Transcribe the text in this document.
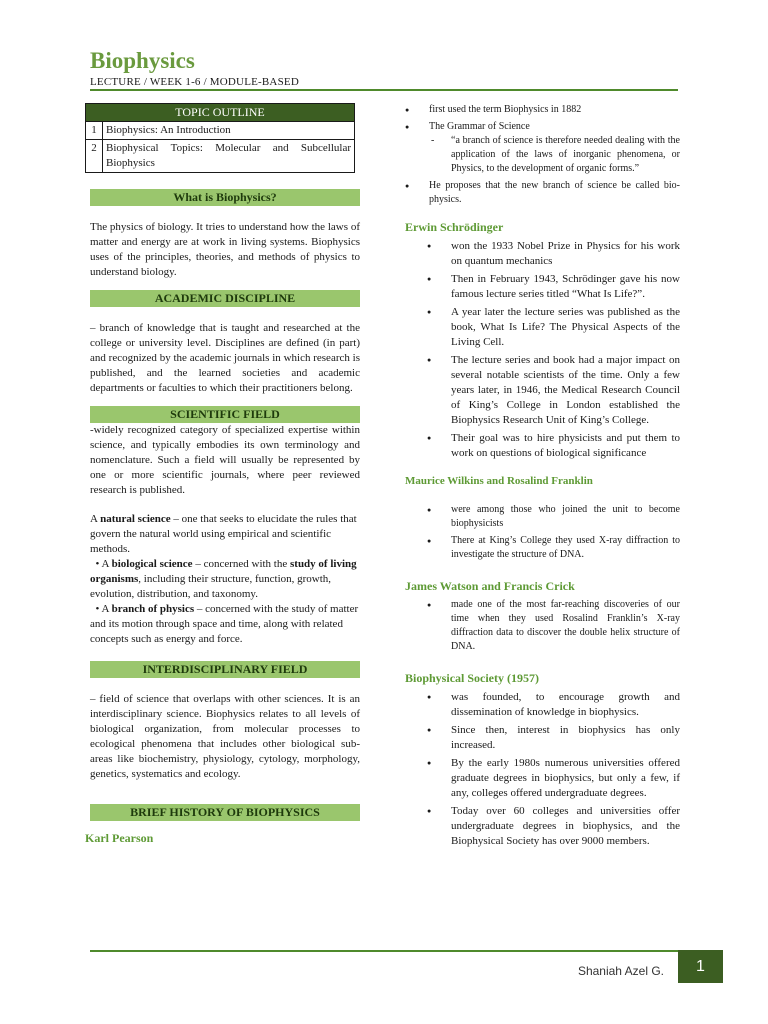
Biophysics
LECTURE / WEEK 1-6 / MODULE-BASED
TOPIC OUTLINE	
1	Biophysics: An Introduction
2	Biophysical Topics: Molecular and Subcellular Biophysics
What is Biophysics?

The physics of biology. It tries to understand how the laws of matter and energy are at work in living systems. Biophysics uses of the principles, theories, and methods of physics to understand biology.

ACADEMIC DISCIPLINE

– branch of knowledge that is taught and researched at the college or university level. Disciplines are defined (in part) and recognized by the academic journals in which research is published, and the learned societies and academic departments or faculties to which their practitioners belong.

SCIENTIFIC FIELD

-widely recognized category of specialized expertise within science, and typically embodies its own terminology and nomenclature. Such a field will usually be represented by one or more scientific journals, where peer reviewed research is published.

A natural science – one that seeks to elucidate the rules that govern the natural world using empirical and scientific methods.

• A biological science – concerned with the study of living organisms, including their structure, function, growth, evolution, distribution, and taxonomy.

• A branch of physics – concerned with the study of matter and its motion through space and time, along with related concepts such as energy and force.

INTERDISCIPLINARY FIELD

– field of science that overlaps with other sciences. It is an interdisciplinary science. Biophysics relates to all levels of biological organization, from molecular processes to ecological phenomena that includes other biological sub-areas like biochemistry, physiology, cytology, morphology, genetics, systematics and ecology.

BRIEF HISTORY OF BIOPHYSICS
Karl Pearson
● first used the term Biophysics in 1882
● The Grammar of Science
- “a branch of science is therefore needed dealing with the application of the laws of inorganic phenomena, or Physics, to the development of organic forms.”
● He proposes that the new branch of science be called bio-physics.
Erwin Schrödinger
● won the 1933 Nobel Prize in Physics for his work on quantum mechanics
● Then in February 1943, Schrödinger gave his now famous lecture series titled “What Is Life?”.
● A year later the lecture series was published as the book, What Is Life? The Physical Aspects of the Living Cell.
● The lecture series and book had a major impact on several notable scientists of the time. Only a few years later, in 1946, the Medical Research Council of King’s College in London established the Biophysics Research Unit of King’s College.
● Their goal was to hire physicists and put them to work on questions of biological significance
Maurice Wilkins and Rosalind Franklin
● were among those who joined the unit to become biophysicists
● There at King’s College they used X-ray diffraction to investigate the structure of DNA.
James Watson and Francis Crick
● made one of the most far-reaching discoveries of our time when they used Rosalind Franklin’s X-ray diffraction data to discover the double helix structure of DNA.
Biophysical Society (1957)
● was founded, to encourage growth and dissemination of knowledge in biophysics.
● Since then, interest in biophysics has only increased.
● By the early 1980s numerous universities offered graduate degrees in biophysics, but only a few, if any, colleges offered undergraduate degrees.
● Today over 60 colleges and universities offer undergraduate degrees in biophysics, and the Biophysical Society has over 9000 members.
Shaniah Azel G.	1
